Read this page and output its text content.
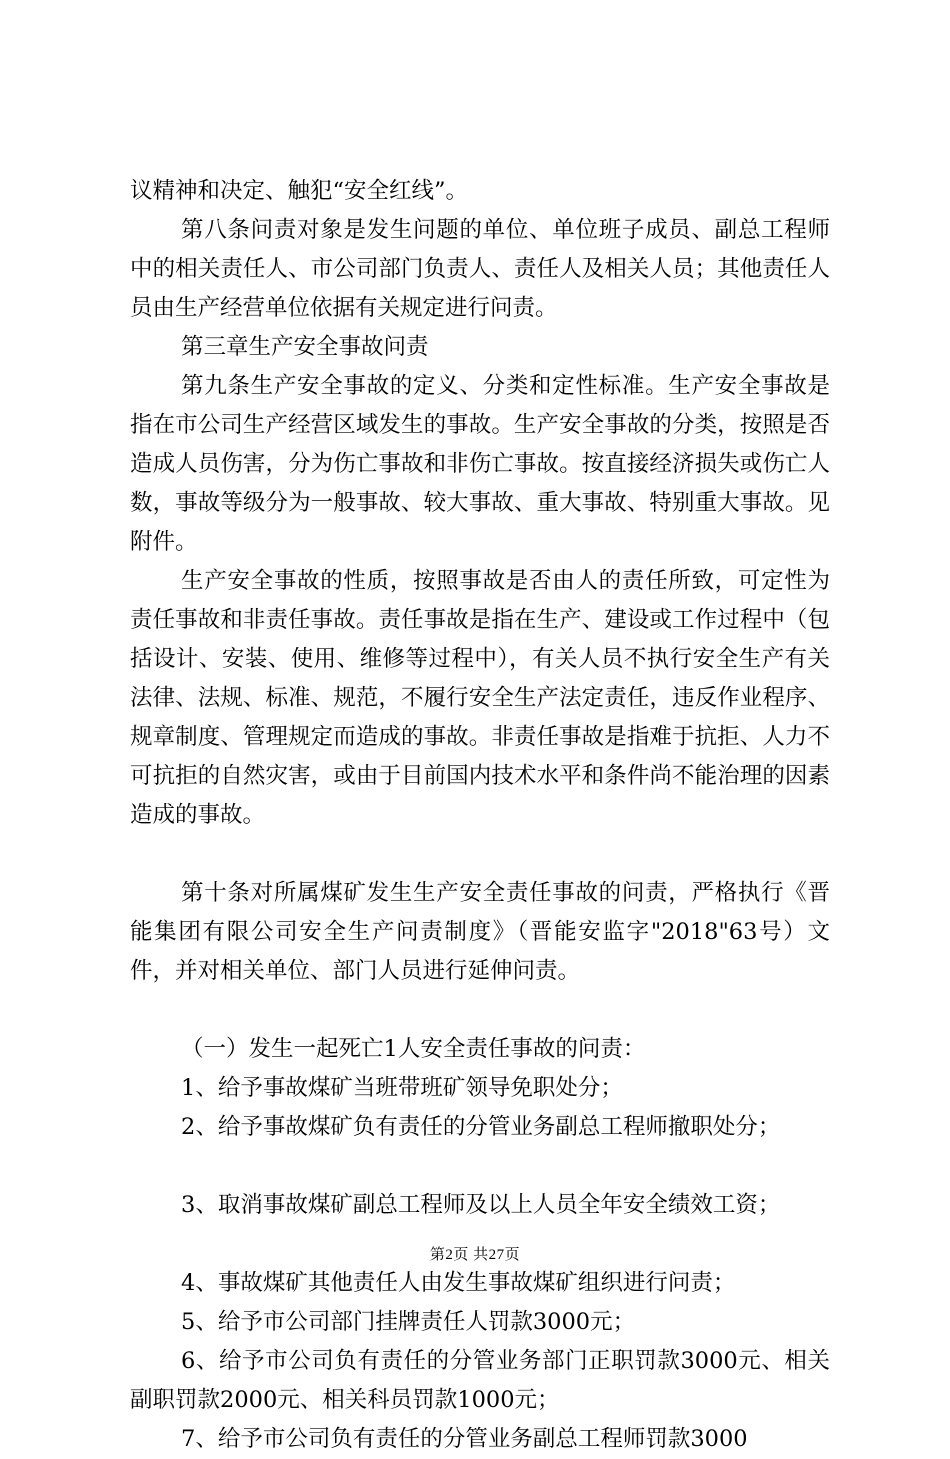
议精神和决定、触犯“安全红线”。

第八条问责对象是发生问题的单位、单位班子成员、副总工程师中的相关责任人、市公司部门负责人、责任人及相关人员；其他责任人员由生产经营单位依据有关规定进行问责。

第三章生产安全事故问责

第九条生产安全事故的定义、分类和定性标准。生产安全事故是指在市公司生产经营区域发生的事故。生产安全事故的分类，按照是否造成人员伤害，分为伤亡事故和非伤亡事故。按直接经济损失或伤亡人数，事故等级分为一般事故、较大事故、重大事故、特别重大事故。见附件。

生产安全事故的性质，按照事故是否由人的责任所致，可定性为责任事故和非责任事故。责任事故是指在生产、建设或工作过程中（包括设计、安装、使用、维修等过程中），有关人员不执行安全生产有关法律、法规、标准、规范，不履行安全生产法定责任，违反作业程序、规章制度、管理规定而造成的事故。非责任事故是指难于抗拒、人力不可抗拒的自然灾害，或由于目前国内技术水平和条件尚不能治理的因素造成的事故。

第十条对所属煤矿发生生产安全责任事故的问责，严格执行《晋能集团有限公司安全生产问责制度》（晋能安监字"2018"63号）文件，并对相关单位、部门人员进行延伸问责。

（一）发生一起死亡1人安全责任事故的问责：

1、给予事故煤矿当班带班矿领导免职处分；

2、给予事故煤矿负有责任的分管业务副总工程师撤职处分；

3、取消事故煤矿副总工程师及以上人员全年安全绩效工资；

4、事故煤矿其他责任人由发生事故煤矿组织进行问责；

5、给予市公司部门挂牌责任人罚款3000元；

6、给予市公司负有责任的分管业务部门正职罚款3000元、相关副职罚款2000元、相关科员罚款1000元；

7、给予市公司负有责任的分管业务副总工程师罚款3000

第2页 共27页
